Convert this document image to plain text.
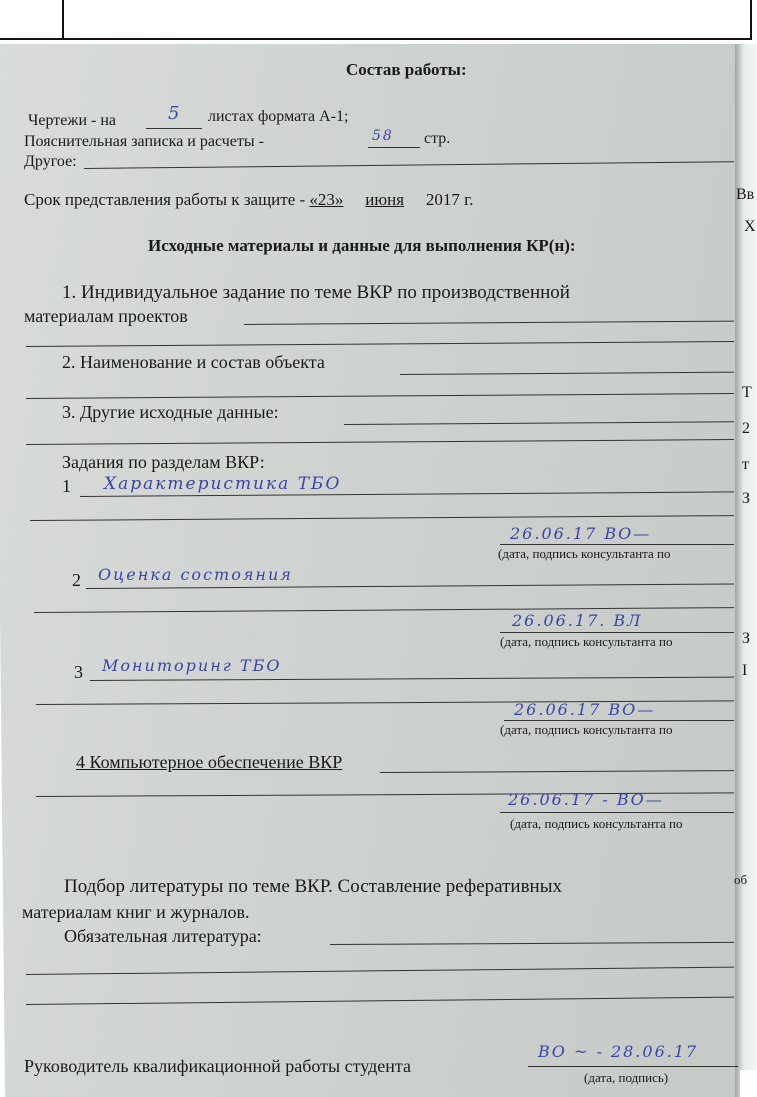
Состав работы:
Чертежи - на	5 листах формата А-1;
Пояснительная записка и расчеты -	58 стр.
Другое:
Срок представления работы к защите - «23» июня 2017 г.
Исходные материалы и данные для выполнения КР(н):
1. Индивидуальное задание по теме ВКР по производственной
материалам проектов
2. Наименование и состав объекта
3. Другие исходные данные:
Задания по разделам ВКР:
1 Характеристика ТБО
26.06.17 ВО—
(дата, подпись консультанта по
2 Оценка состояния
26.06.17. ВЛ
(дата, подпись консультанта по
3 Мониторинг ТБО
26.06.17 ВО—
(дата, подпись консультанта по
4 Компьютерное обеспечение ВКР
26.06.17 - ВО—
(дата, подпись консультанта по
Подбор литературы по теме ВКР. Составление реферативных
материалам книг и журналов.
Обязательная литература:
Руководитель квалификационной работы студента
ВО ~ - 28.06.17
(дата, подпись)
Вв
Х
Т
2
т
З
З
I
об
